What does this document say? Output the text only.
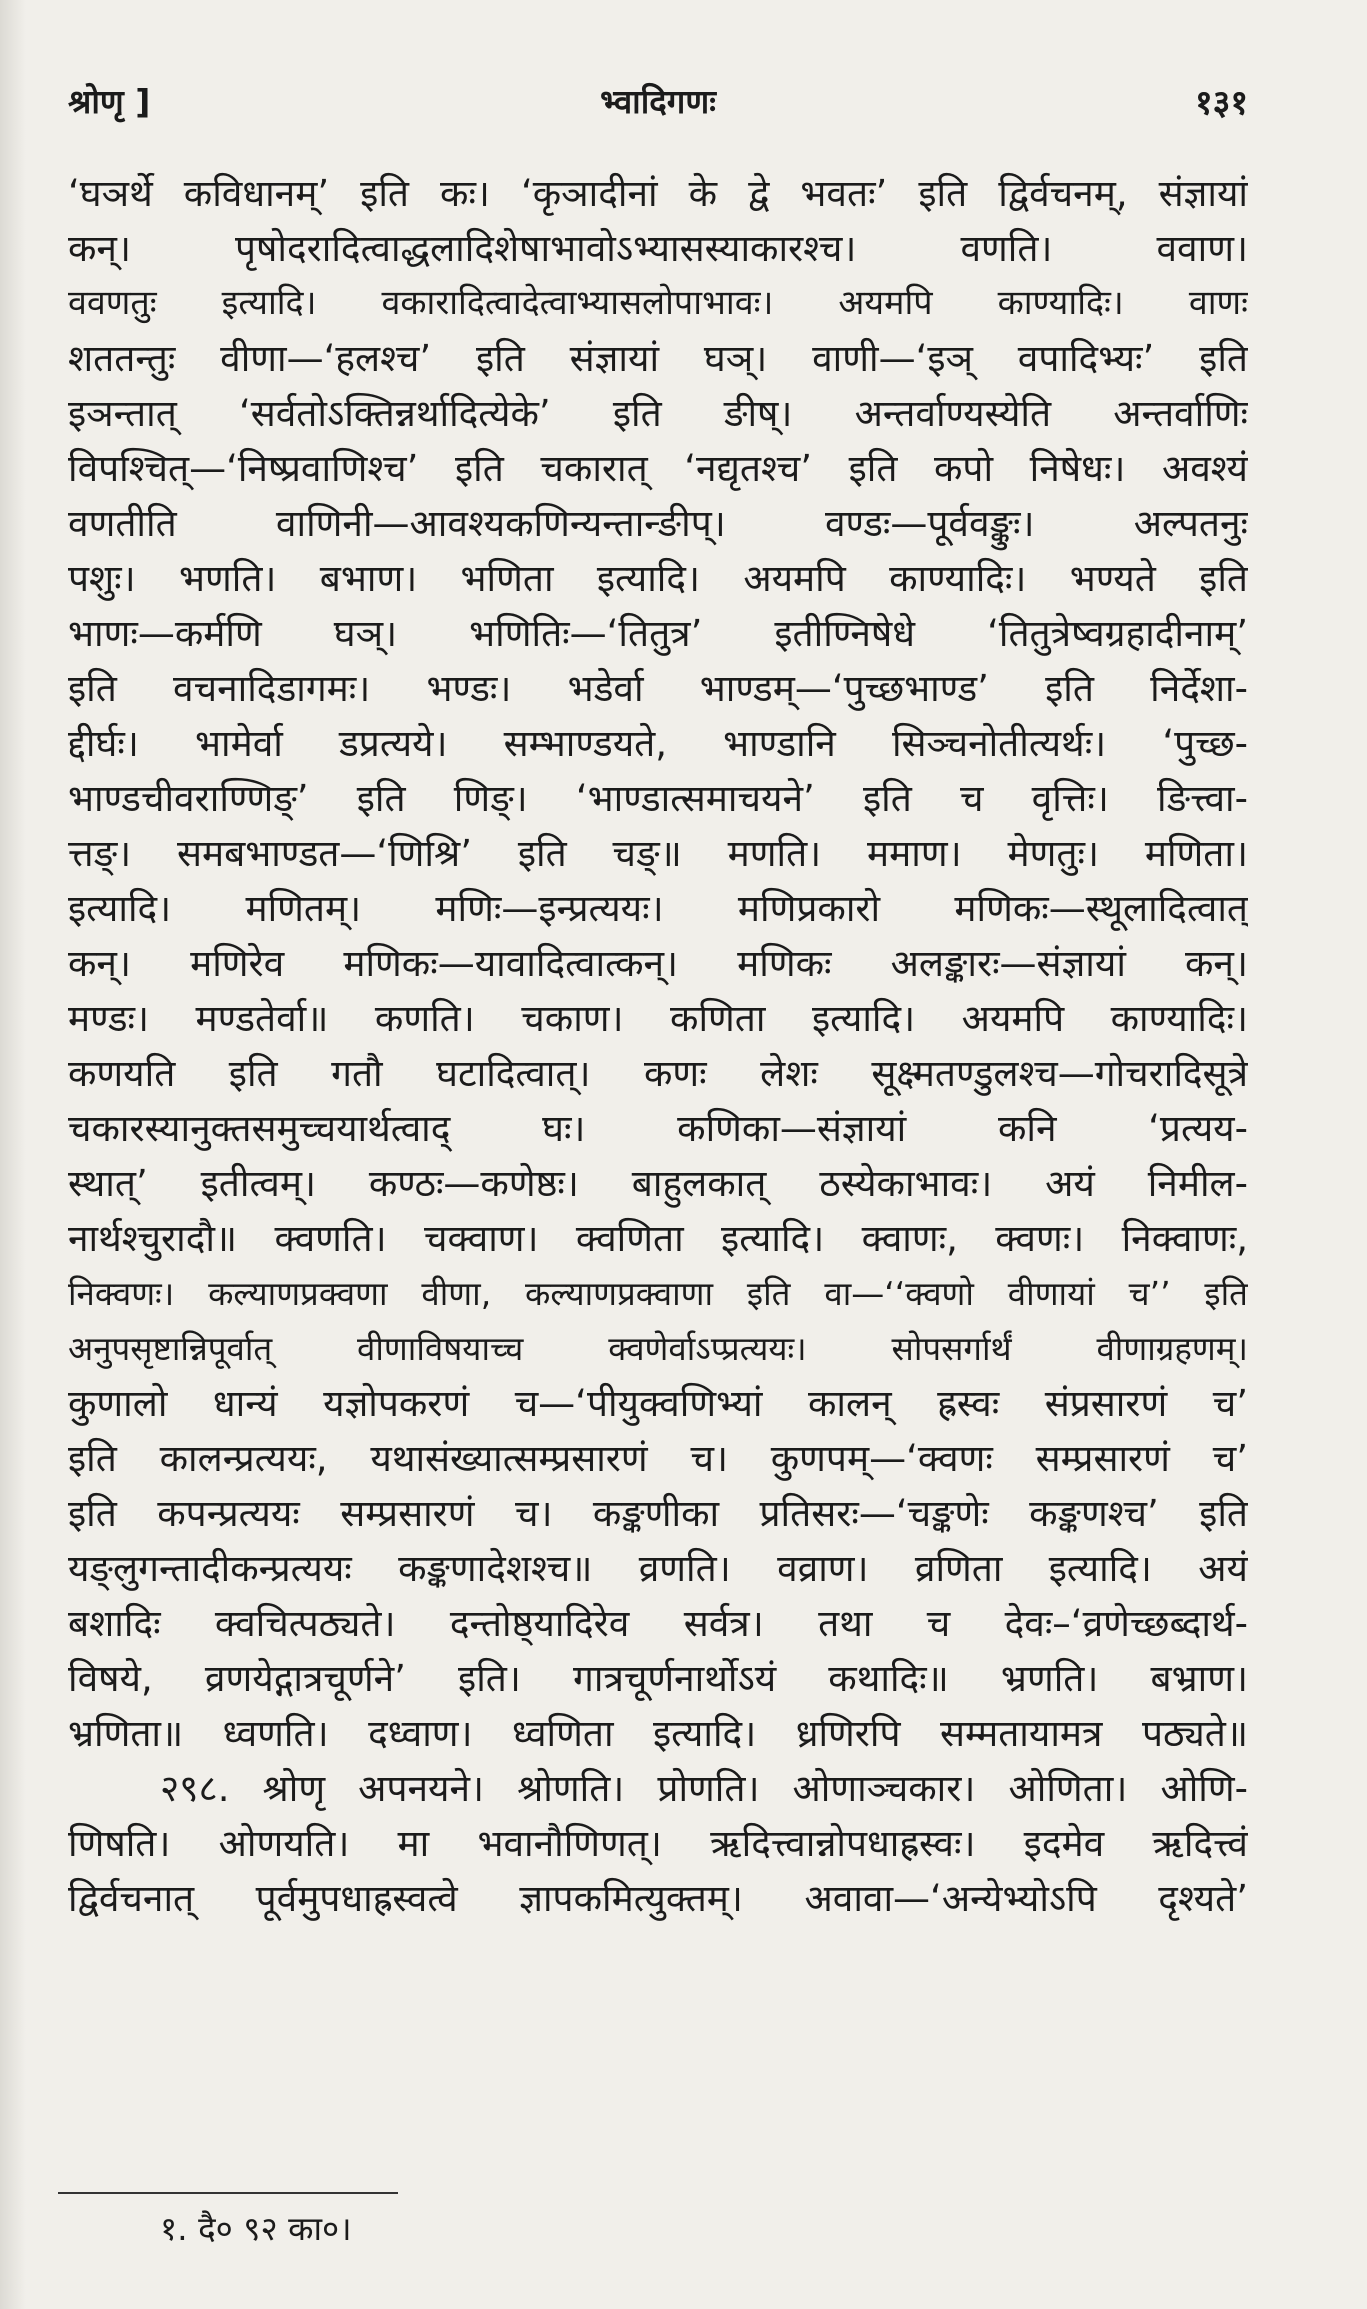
श्रोणृ ]	भ्वादिगणः	१३१
‘घञर्थे कविधानम्’ इति कः। ‘कृञादीनां के द्वे भवतः’ इति द्विर्वचनम्, संज्ञायां
कन्। पृषोदरादित्वाद्धलादिशेषाभावोऽभ्यासस्याकारश्च। वणति। ववाण।
ववणतुः इत्यादि। वकारादित्वादेत्वाभ्यासलोपाभावः। अयमपि काण्यादिः। वाणः
शततन्तुः वीणा—‘हलश्च’ इति संज्ञायां घञ्। वाणी—‘इञ् वपादिभ्यः’ इति
इञन्तात् ‘सर्वतोऽक्तिन्नर्थादित्येके’ इति ङीष्। अन्तर्वाण्यस्येति अन्तर्वाणिः
विपश्चित्—‘निष्प्रवाणिश्च’ इति चकारात् ‘नद्यृतश्च’ इति कपो निषेधः। अवश्यं
वणतीति वाणिनी—आवश्यकणिन्यन्तान्ङीप्। वण्डः—पूर्ववङ्कुः। अल्पतनुः
पशुः। भणति। बभाण। भणिता इत्यादि। अयमपि काण्यादिः। भण्यते इति
भाणः—कर्मणि घञ्। भणितिः—‘तितुत्र’ इतीण्निषेधे ‘तितुत्रेष्वग्रहादीनाम्’
इति वचनादिडागमः। भण्डः। भडेर्वा भाण्डम्—‘पुच्छभाण्ड’ इति निर्देशा-
द्दीर्घः। भामेर्वा डप्रत्यये। सम्भाण्डयते, भाण्डानि सिञ्चनोतीत्यर्थः। ‘पुच्छ-
भाण्डचीवराण्णिङ्’ इति णिङ्। ‘भाण्डात्समाचयने’ इति च वृत्तिः। ङित्त्वा-
त्तङ्। समबभाण्डत—‘णिश्रि’ इति चङ्॥ मणति। ममाण। मेणतुः। मणिता।
इत्यादि। मणितम्। मणिः—इन्प्रत्ययः। मणिप्रकारो मणिकः—स्थूलादित्वात्
कन्। मणिरेव मणिकः—यावादित्वात्कन्। मणिकः अलङ्कारः—संज्ञायां कन्।
मण्डः। मण्डतेर्वा॥ कणति। चकाण। कणिता इत्यादि। अयमपि काण्यादिः।
कणयति इति गतौ घटादित्वात्। कणः लेशः सूक्ष्मतण्डुलश्च—गोचरादिसूत्रे
चकारस्यानुक्तसमुच्चयार्थत्वाद् घः। कणिका—संज्ञायां कनि ‘प्रत्यय-
स्थात्’ इतीत्वम्। कण्ठः—कणेष्ठः। बाहुलकात् ठस्येकाभावः। अयं निमील-
नार्थश्चुरादौ॥ क्वणति। चक्वाण। क्वणिता इत्यादि। क्वाणः, क्वणः। निक्वाणः,
निक्वणः। कल्याणप्रक्वणा वीणा, कल्याणप्रक्वाणा इति वा—‘‘क्वणो वीणायां च’’ इति
अनुपसृष्टान्निपूर्वात् वीणाविषयाच्च क्वणेर्वाऽप्प्रत्ययः। सोपसर्गार्थं वीणाग्रहणम्।
कुणालो धान्यं यज्ञोपकरणं च—‘पीयुक्वणिभ्यां कालन् ह्रस्वः संप्रसारणं च’
इति कालन्प्रत्ययः, यथासंख्यात्सम्प्रसारणं च। कुणपम्—‘क्वणः सम्प्रसारणं च’
इति कपन्प्रत्ययः सम्प्रसारणं च। कङ्कणीका प्रतिसरः—‘चङ्कणेः कङ्कणश्च’ इति
यङ्लुगन्तादीकन्प्रत्ययः कङ्कणादेशश्च॥ व्रणति। वव्राण। व्रणिता इत्यादि। अयं
बशादिः क्वचित्पठ्यते। दन्तोष्ठ्यादिरेव सर्वत्र। तथा च देवः–‘व्रणेच्छब्दार्थ-
विषये, व्रणयेद्गात्रचूर्णने’ इति। गात्रचूर्णनार्थोऽयं कथादिः॥ भ्रणति। बभ्राण।
भ्रणिता॥ ध्वणति। दध्वाण। ध्वणिता इत्यादि। ध्रणिरपि सम्मतायामत्र पठ्यते॥
२९८. श्रोणृ अपनयने। श्रोणति। प्रोणति। ओणाञ्चकार। ओणिता। ओणि-
णिषति। ओणयति। मा भवानौणिणत्। ऋदित्त्वान्नोपधाह्रस्वः। इदमेव ऋदित्त्वं
द्विर्वचनात् पूर्वमुपधाह्रस्वत्वे ज्ञापकमित्युक्तम्। अवावा—‘अन्येभ्योऽपि दृश्यते’
१. दै० ९२ का०।
